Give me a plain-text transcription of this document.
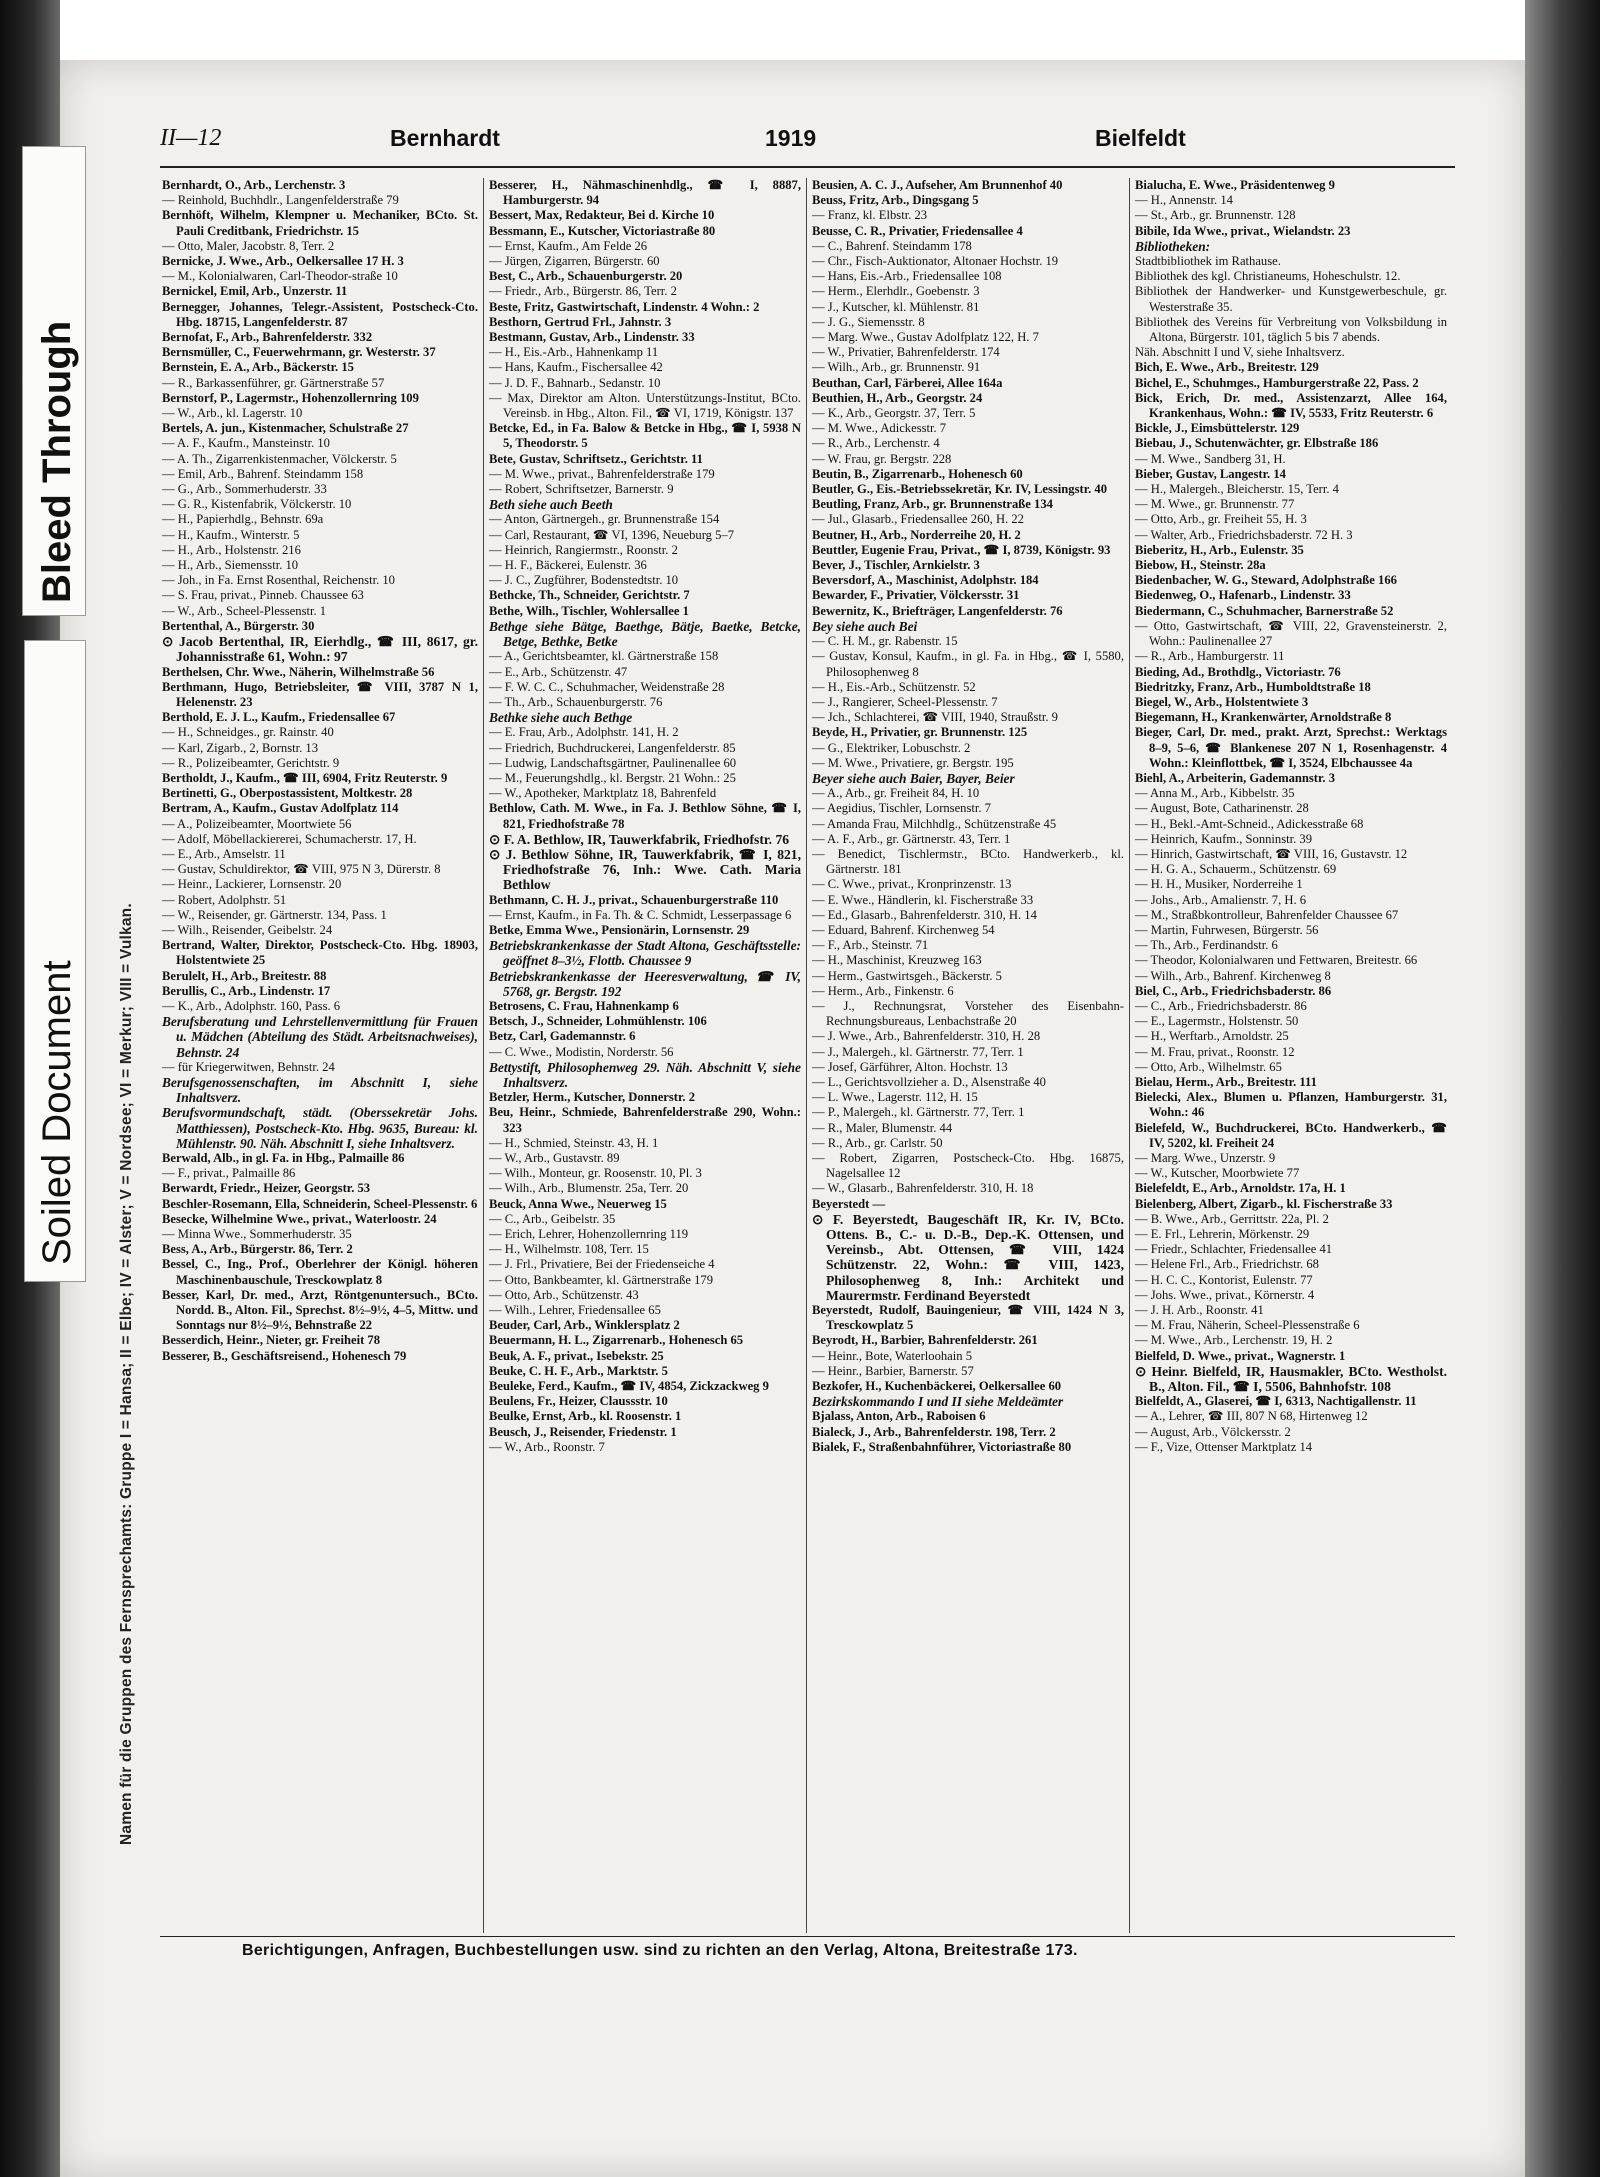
Bleed Through
Soiled Document	Namen für die Gruppen des Fernsprechamts: Gruppe I = Hansa; II = Elbe; IV = Alster; V = Nordsee; VI = Merkur; VIII = Vulkan.
II—12	Bernhardt	1919	Bielfeldt
Bernhardt, O., Arb., Lerchenstr. 3
— Reinhold, Buchhdlr., Langenfelderstraße 79
Bernhöft, Wilhelm, Klempner u. Mechaniker, BCto. St. Pauli Creditbank, Friedrichstr. 15
— Otto, Maler, Jacobstr. 8, Terr. 2
Bernicke, J. Wwe., Arb., Oelkersallee 17 H. 3
— M., Kolonialwaren, Carl-Theodor-straße 10
Bernickel, Emil, Arb., Unzerstr. 11
Bernegger, Johannes, Telegr.-Assistent, Postscheck-Cto. Hbg. 18715, Langenfelderstr. 87
Bernofat, F., Arb., Bahrenfelderstr. 332
Bernsmüller, C., Feuerwehrmann, gr. Westerstr. 37
Bernstein, E. A., Arb., Bäckerstr. 15
— R., Barkassenführer, gr. Gärtnerstraße 57
Bernstorf, P., Lagermstr., Hohenzollernring 109
— W., Arb., kl. Lagerstr. 10
Bertels, A. jun., Kistenmacher, Schulstraße 27
— A. F., Kaufm., Mansteinstr. 10
— A. Th., Zigarrenkistenmacher, Völckerstr. 5
— Emil, Arb., Bahrenf. Steindamm 158
— G., Arb., Sommerhuderstr. 33
— G. R., Kistenfabrik, Völckerstr. 10
— H., Papierhdlg., Behnstr. 69a
— H., Kaufm., Winterstr. 5
— H., Arb., Holstenstr. 216
— H., Arb., Siemensstr. 10
— Joh., in Fa. Ernst Rosenthal, Reichenstr. 10
— S. Frau, privat., Pinneb. Chaussee 63
— W., Arb., Scheel-Plessenstr. 1
Bertenthal, A., Bürgerstr. 30
⊙ Jacob Bertenthal, IR, Eierhdlg., ☎ III, 8617, gr. Johannisstraße 61, Wohn.: 97
Berthelsen, Chr. Wwe., Näherin, Wilhelmstraße 56
Berthmann, Hugo, Betriebsleiter, ☎ VIII, 3787 N 1, Helenenstr. 23
Berthold, E. J. L., Kaufm., Friedensallee 67
— H., Schneidges., gr. Rainstr. 40
— Karl, Zigarb., 2, Bornstr. 13
— R., Polizeibeamter, Gerichtstr. 9
Bertholdt, J., Kaufm., ☎ III, 6904, Fritz Reuterstr. 9
Bertinetti, G., Oberpostassistent, Moltkestr. 28
Bertram, A., Kaufm., Gustav Adolfplatz 114
— A., Polizeibeamter, Moortwiete 56
— Adolf, Möbellackiererei, Schumacherstr. 17, H.
— E., Arb., Amselstr. 11
— Gustav, Schuldirektor, ☎ VIII, 975 N 3, Dürerstr. 8
— Heinr., Lackierer, Lornsenstr. 20
— Robert, Adolphstr. 51
— W., Reisender, gr. Gärtnerstr. 134, Pass. 1
— Wilh., Reisender, Geibelstr. 24
Bertrand, Walter, Direktor, Postscheck-Cto. Hbg. 18903, Holstentwiete 25
Berulelt, H., Arb., Breitestr. 88
Berullis, C., Arb., Lindenstr. 17
— K., Arb., Adolphstr. 160, Pass. 6
Berufsberatung und Lehrstellenvermittlung für Frauen u. Mädchen (Abteilung des Städt. Arbeitsnachweises), Behnstr. 24
— für Kriegerwitwen, Behnstr. 24
Berufsgenossenschaften, im Abschnitt I, siehe Inhaltsverz.
Berufsvormundschaft, städt. (Oberssekretär Johs. Matthiessen), Postscheck-Kto. Hbg. 9635, Bureau: kl. Mühlenstr. 90. Näh. Abschnitt I, siehe Inhaltsverz.
Berwald, Alb., in gl. Fa. in Hbg., Palmaille 86
— F., privat., Palmaille 86
Berwardt, Friedr., Heizer, Georgstr. 53
Beschler-Rosemann, Ella, Schneiderin, Scheel-Plessenstr. 6
Besecke, Wilhelmine Wwe., privat., Waterloostr. 24
— Minna Wwe., Sommerhuderstr. 35
Bess, A., Arb., Bürgerstr. 86, Terr. 2
Bessel, C., Ing., Prof., Oberlehrer der Königl. höheren Maschinenbauschule, Tresckowplatz 8
Besser, Karl, Dr. med., Arzt, Röntgenuntersuch., BCto. Nordd. B., Alton. Fil., Sprechst. 8½–9½, 4–5, Mittw. und Sonntags nur 8½–9½, Behnstraße 22
Besserdich, Heinr., Nieter, gr. Freiheit 78
Besserer, B., Geschäftsreisend., Hohenesch 79
Besserer, H., Nähmaschinenhdlg., ☎ I, 8887, Hamburgerstr. 94
Bessert, Max, Redakteur, Bei d. Kirche 10
Bessmann, E., Kutscher, Victoriastraße 80
— Ernst, Kaufm., Am Felde 26
— Jürgen, Zigarren, Bürgerstr. 60
Best, C., Arb., Schauenburgerstr. 20
— Friedr., Arb., Bürgerstr. 86, Terr. 2
Beste, Fritz, Gastwirtschaft, Lindenstr. 4 Wohn.: 2
Besthorn, Gertrud Frl., Jahnstr. 3
Bestmann, Gustav, Arb., Lindenstr. 33
— H., Eis.-Arb., Hahnenkamp 11
— Hans, Kaufm., Fischersallee 42
— J. D. F., Bahnarb., Sedanstr. 10
— Max, Direktor am Alton. Unterstützungs-Institut, BCto. Vereinsb. in Hbg., Alton. Fil., ☎ VI, 1719, Königstr. 137
Betcke, Ed., in Fa. Balow & Betcke in Hbg., ☎ I, 5938 N 5, Theodorstr. 5
Bete, Gustav, Schriftsetz., Gerichtstr. 11
— M. Wwe., privat., Bahrenfelderstraße 179
— Robert, Schriftsetzer, Barnerstr. 9
Beth siehe auch Beeth
— Anton, Gärtnergeh., gr. Brunnenstraße 154
— Carl, Restaurant, ☎ VI, 1396, Neueburg 5–7
— Heinrich, Rangiermstr., Roonstr. 2
— H. F., Bäckerei, Eulenstr. 36
— J. C., Zugführer, Bodenstedtstr. 10
Bethcke, Th., Schneider, Gerichtstr. 7
Bethe, Wilh., Tischler, Wohlersallee 1
Bethge siehe Bätge, Baethge, Bätje, Baetke, Betcke, Betge, Bethke, Betke
— A., Gerichtsbeamter, kl. Gärtnerstraße 158
— E., Arb., Schützenstr. 47
— F. W. C. C., Schuhmacher, Weidenstraße 28
— Th., Arb., Schauenburgerstr. 76
Bethke siehe auch Bethge
— E. Frau, Arb., Adolphstr. 141, H. 2
— Friedrich, Buchdruckerei, Langenfelderstr. 85
— Ludwig, Landschaftsgärtner, Paulinenallee 60
— M., Feuerungshdlg., kl. Bergstr. 21 Wohn.: 25
— W., Apotheker, Marktplatz 18, Bahrenfeld
Bethlow, Cath. M. Wwe., in Fa. J. Bethlow Söhne, ☎ I, 821, Friedhofstraße 78
⊙ F. A. Bethlow, IR, Tauwerkfabrik, Friedhofstr. 76
⊙ J. Bethlow Söhne, IR, Tauwerkfabrik, ☎ I, 821, Friedhofstraße 76, Inh.: Wwe. Cath. Maria Bethlow
Bethmann, C. H. J., privat., Schauenburgerstraße 110
— Ernst, Kaufm., in Fa. Th. & C. Schmidt, Lesserpassage 6
Betke, Emma Wwe., Pensionärin, Lornsenstr. 29
Betriebskrankenkasse der Stadt Altona, Geschäftsstelle: geöffnet 8–3½, Flottb. Chaussee 9
Betriebskrankenkasse der Heeresverwaltung, ☎ IV, 5768, gr. Bergstr. 192
Betrosens, C. Frau, Hahnenkamp 6
Betsch, J., Schneider, Lohmühlenstr. 106
Betz, Carl, Gademannstr. 6
— C. Wwe., Modistin, Norderstr. 56
Bettystift, Philosophenweg 29. Näh. Abschnitt V, siehe Inhaltsverz.
Betzler, Herm., Kutscher, Donnerstr. 2
Beu, Heinr., Schmiede, Bahrenfelderstraße 290, Wohn.: 323
— H., Schmied, Steinstr. 43, H. 1
— W., Arb., Gustavstr. 89
— Wilh., Monteur, gr. Roosenstr. 10, Pl. 3
— Wilh., Arb., Blumenstr. 25a, Terr. 20
Beuck, Anna Wwe., Neuerweg 15
— C., Arb., Geibelstr. 35
— Erich, Lehrer, Hohenzollernring 119
— H., Wilhelmstr. 108, Terr. 15
— J. Frl., Privatiere, Bei der Friedenseiche 4
— Otto, Bankbeamter, kl. Gärtnerstraße 179
— Otto, Arb., Schützenstr. 43
— Wilh., Lehrer, Friedensallee 65
Beuder, Carl, Arb., Winklersplatz 2
Beuermann, H. L., Zigarrenarb., Hohenesch 65
Beuk, A. F., privat., Isebekstr. 25
Beuke, C. H. F., Arb., Marktstr. 5
Beuleke, Ferd., Kaufm., ☎ IV, 4854, Zickzackweg 9
Beulens, Fr., Heizer, Claussstr. 10
Beulke, Ernst, Arb., kl. Roosenstr. 1
Beusch, J., Reisender, Friedenstr. 1
— W., Arb., Roonstr. 7
Beusien, A. C. J., Aufseher, Am Brunnenhof 40
Beuss, Fritz, Arb., Dingsgang 5
— Franz, kl. Elbstr. 23
Beusse, C. R., Privatier, Friedensallee 4
— C., Bahrenf. Steindamm 178
— Chr., Fisch-Auktionator, Altonaer Hochstr. 19
— Hans, Eis.-Arb., Friedensallee 108
— Herm., Elerhdlr., Goebenstr. 3
— J., Kutscher, kl. Mühlenstr. 81
— J. G., Siemensstr. 8
— Marg. Wwe., Gustav Adolfplatz 122, H. 7
— W., Privatier, Bahrenfelderstr. 174
— Wilh., Arb., gr. Brunnenstr. 91
Beuthan, Carl, Färberei, Allee 164a
Beuthien, H., Arb., Georgstr. 24
— K., Arb., Georgstr. 37, Terr. 5
— M. Wwe., Adickesstr. 7
— R., Arb., Lerchenstr. 4
— W. Frau, gr. Bergstr. 228
Beutin, B., Zigarrenarb., Hohenesch 60
Beutler, G., Eis.-Betriebssekretär, Kr. IV, Lessingstr. 40
Beutling, Franz, Arb., gr. Brunnenstraße 134
— Jul., Glasarb., Friedensallee 260, H. 22
Beutner, H., Arb., Norderreihe 20, H. 2
Beuttler, Eugenie Frau, Privat., ☎ I, 8739, Königstr. 93
Bever, J., Tischler, Arnkielstr. 3
Beversdorf, A., Maschinist, Adolphstr. 184
Bewarder, F., Privatier, Völckersstr. 31
Bewernitz, K., Briefträger, Langenfelderstr. 76
Bey siehe auch Bei
— C. H. M., gr. Rabenstr. 15
— Gustav, Konsul, Kaufm., in gl. Fa. in Hbg., ☎ I, 5580, Philosophenweg 8
— H., Eis.-Arb., Schützenstr. 52
— J., Rangierer, Scheel-Plessenstr. 7
— Jch., Schlachterei, ☎ VIII, 1940, Straußstr. 9
Beyde, H., Privatier, gr. Brunnenstr. 125
— G., Elektriker, Lobuschstr. 2
— M. Wwe., Privatiere, gr. Bergstr. 195
Beyer siehe auch Baier, Bayer, Beier
— A., Arb., gr. Freiheit 84, H. 10
— Aegidius, Tischler, Lornsenstr. 7
— Amanda Frau, Milchhdlg., Schützenstraße 45
— A. F., Arb., gr. Gärtnerstr. 43, Terr. 1
— Benedict, Tischlermstr., BCto. Handwerkerb., kl. Gärtnerstr. 181
— C. Wwe., privat., Kronprinzenstr. 13
— E. Wwe., Händlerin, kl. Fischerstraße 33
— Ed., Glasarb., Bahrenfelderstr. 310, H. 14
— Eduard, Bahrenf. Kirchenweg 54
— F., Arb., Steinstr. 71
— H., Maschinist, Kreuzweg 163
— Herm., Gastwirtsgeh., Bäckerstr. 5
— Herm., Arb., Finkenstr. 6
— J., Rechnungsrat, Vorsteher des Eisenbahn-Rechnungsbureaus, Lenbachstraße 20
— J. Wwe., Arb., Bahrenfelderstr. 310, H. 28
— J., Malergeh., kl. Gärtnerstr. 77, Terr. 1
— Josef, Gärführer, Alton. Hochstr. 13
— L., Gerichtsvollzieher a. D., Alsenstraße 40
— L. Wwe., Lagerstr. 112, H. 15
— P., Malergeh., kl. Gärtnerstr. 77, Terr. 1
— R., Maler, Blumenstr. 44
— R., Arb., gr. Carlstr. 50
— Robert, Zigarren, Postscheck-Cto. Hbg. 16875, Nagelsallee 12
— W., Glasarb., Bahrenfelderstr. 310, H. 18
Beyerstedt —
⊙ F. Beyerstedt, Baugeschäft IR, Kr. IV, BCto. Ottens. B., C.- u. D.-B., Dep.-K. Ottensen, und Vereinsb., Abt. Ottensen, ☎ VIII, 1424 Schützenstr. 22, Wohn.: ☎ VIII, 1423, Philosophenweg 8, Inh.: Architekt und Maurermstr. Ferdinand Beyerstedt
Beyerstedt, Rudolf, Bauingenieur, ☎ VIII, 1424 N 3, Tresckowplatz 5
Beyrodt, H., Barbier, Bahrenfelderstr. 261
— Heinr., Bote, Waterloohain 5
— Heinr., Barbier, Barnerstr. 57
Bezkofer, H., Kuchenbäckerei, Oelkersallee 60
Bezirkskommando I und II siehe Meldeämter
Bjalass, Anton, Arb., Raboisen 6
Bialeck, J., Arb., Bahrenfelderstr. 198, Terr. 2
Bialek, F., Straßenbahnführer, Victoriastraße 80
Bialucha, E. Wwe., Präsidentenweg 9
— H., Annenstr. 14
— St., Arb., gr. Brunnenstr. 128
Bibile, Ida Wwe., privat., Wielandstr. 23
Bibliotheken:
Stadtbibliothek im Rathause.
Bibliothek des kgl. Christianeums, Hoheschulstr. 12.
Bibliothek der Handwerker- und Kunstgewerbeschule, gr. Westerstraße 35.
Bibliothek des Vereins für Verbreitung von Volksbildung in Altona, Bürgerstr. 101, täglich 5 bis 7 abends.
Näh. Abschnitt I und V, siehe Inhaltsverz.
Bich, E. Wwe., Arb., Breitestr. 129
Bichel, E., Schuhmges., Hamburgerstraße 22, Pass. 2
Bick, Erich, Dr. med., Assistenzarzt, Allee 164, Krankenhaus, Wohn.: ☎ IV, 5533, Fritz Reuterstr. 6
Bickle, J., Eimsbüttelerstr. 129
Biebau, J., Schutenwächter, gr. Elbstraße 186
— M. Wwe., Sandberg 31, H.
Bieber, Gustav, Langestr. 14
— H., Malergeh., Bleicherstr. 15, Terr. 4
— M. Wwe., gr. Brunnenstr. 77
— Otto, Arb., gr. Freiheit 55, H. 3
— Walter, Arb., Friedrichsbaderstr. 72 H. 3
Bieberitz, H., Arb., Eulenstr. 35
Biebow, H., Steinstr. 28a
Biedenbacher, W. G., Steward, Adolphstraße 166
Biedenweg, O., Hafenarb., Lindenstr. 33
Biedermann, C., Schuhmacher, Barnerstraße 52
— Otto, Gastwirtschaft, ☎ VIII, 22, Gravensteinerstr. 2, Wohn.: Paulinenallee 27
— R., Arb., Hamburgerstr. 11
Bieding, Ad., Brothdlg., Victoriastr. 76
Biedritzky, Franz, Arb., Humboldtstraße 18
Biegel, W., Arb., Holstentwiete 3
Biegemann, H., Krankenwärter, Arnoldstraße 8
Bieger, Carl, Dr. med., prakt. Arzt, Sprechst.: Werktags 8–9, 5–6, ☎ Blankenese 207 N 1, Rosenhagenstr. 4 Wohn.: Kleinflottbek, ☎ I, 3524, Elbchaussee 4a
Biehl, A., Arbeiterin, Gademannstr. 3
— Anna M., Arb., Kibbelstr. 35
— August, Bote, Catharinenstr. 28
— H., Bekl.-Amt-Schneid., Adickesstraße 68
— Heinrich, Kaufm., Sonninstr. 39
— Hinrich, Gastwirtschaft, ☎ VIII, 16, Gustavstr. 12
— H. G. A., Schauerm., Schützenstr. 69
— H. H., Musiker, Norderreihe 1
— Johs., Arb., Amalienstr. 7, H. 6
— M., Straßbkontrolleur, Bahrenfelder Chaussee 67
— Martin, Fuhrwesen, Bürgerstr. 56
— Th., Arb., Ferdinandstr. 6
— Theodor, Kolonialwaren und Fettwaren, Breitestr. 66
— Wilh., Arb., Bahrenf. Kirchenweg 8
Biel, C., Arb., Friedrichsbaderstr. 86
— C., Arb., Friedrichsbaderstr. 86
— E., Lagermstr., Holstenstr. 50
— H., Werftarb., Arnoldstr. 25
— M. Frau, privat., Roonstr. 12
— Otto, Arb., Wilhelmstr. 65
Bielau, Herm., Arb., Breitestr. 111
Bielecki, Alex., Blumen u. Pflanzen, Hamburgerstr. 31, Wohn.: 46
Bielefeld, W., Buchdruckerei, BCto. Handwerkerb., ☎ IV, 5202, kl. Freiheit 24
— Marg. Wwe., Unzerstr. 9
— W., Kutscher, Moorbwiete 77
Bielefeldt, E., Arb., Arnoldstr. 17a, H. 1
Bielenberg, Albert, Zigarb., kl. Fischerstraße 33
— B. Wwe., Arb., Gerrittstr. 22a, Pl. 2
— E. Frl., Lehrerin, Mörkenstr. 29
— Friedr., Schlachter, Friedensallee 41
— Helene Frl., Arb., Friedrichstr. 68
— H. C. C., Kontorist, Eulenstr. 77
— Johs. Wwe., privat., Körnerstr. 4
— J. H. Arb., Roonstr. 41
— M. Frau, Näherin, Scheel-Plessenstraße 6
— M. Wwe., Arb., Lerchenstr. 19, H. 2
Bielfeld, D. Wwe., privat., Wagnerstr. 1
⊙ Heinr. Bielfeld, IR, Hausmakler, BCto. Westholst. B., Alton. Fil., ☎ I, 5506, Bahnhofstr. 108
Bielfeldt, A., Glaserei, ☎ I, 6313, Nachtigallenstr. 11
— A., Lehrer, ☎ III, 807 N 68, Hirtenweg 12
— August, Arb., Völckersstr. 2
— F., Vize, Ottenser Marktplatz 14
Berichtigungen, Anfragen, Buchbestellungen usw. sind zu richten an den Verlag, Altona, Breitestraße 173.
